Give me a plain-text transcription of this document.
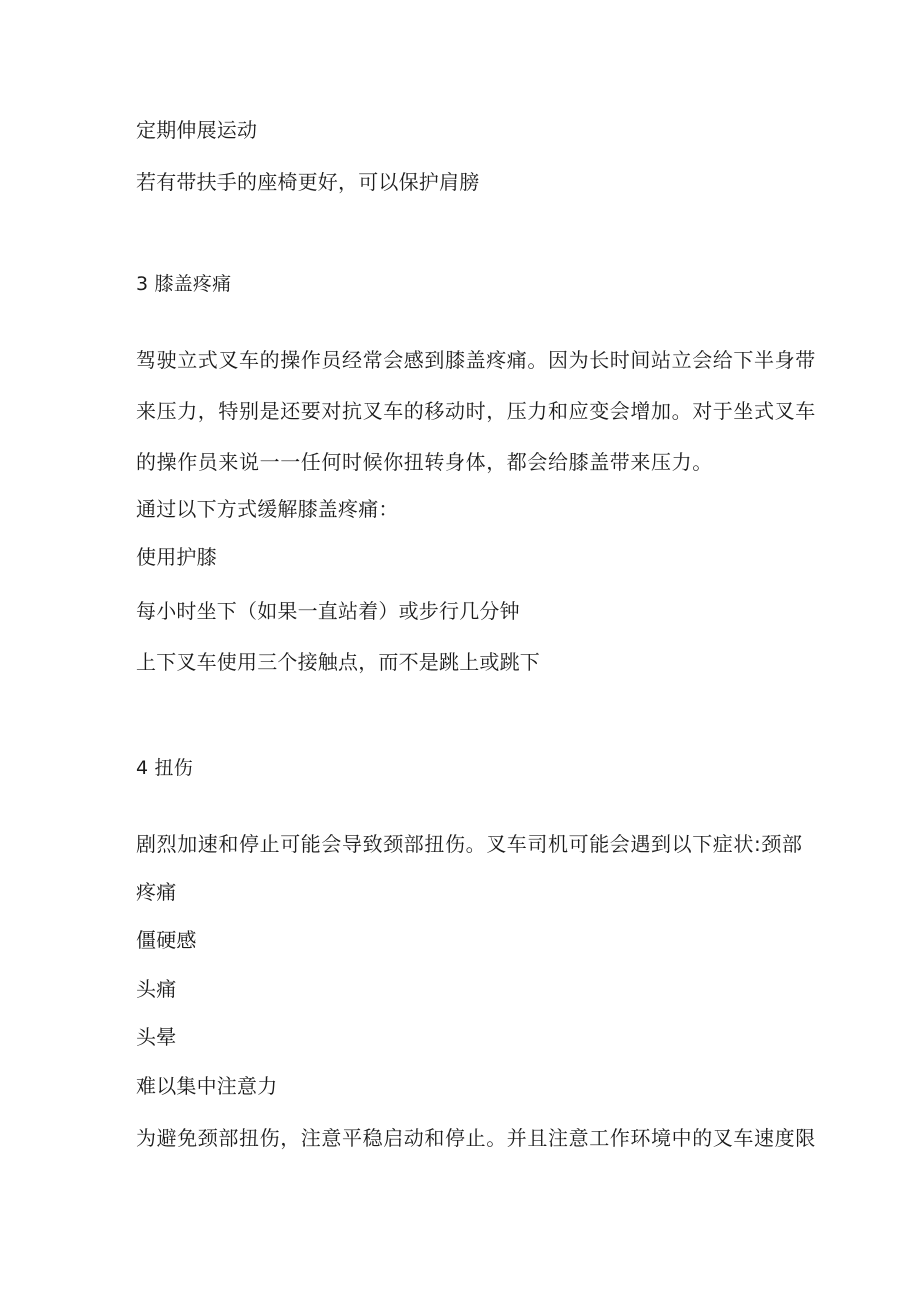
定期伸展运动
若有带扶手的座椅更好，可以保护肩膀
3 膝盖疼痛
驾驶立式叉车的操作员经常会感到膝盖疼痛。因为长时间站立会给下半身带
来压力，特别是还要对抗叉车的移动时，压力和应变会增加。对于坐式叉车
的操作员来说一一任何时候你扭转身体，都会给膝盖带来压力。
通过以下方式缓解膝盖疼痛：
使用护膝
每小时坐下（如果一直站着）或步行几分钟
上下叉车使用三个接触点，而不是跳上或跳下
4 扭伤
剧烈加速和停止可能会导致颈部扭伤。叉车司机可能会遇到以下症状:颈部
疼痛
僵硬感
头痛
头晕
难以集中注意力
为避免颈部扭伤，注意平稳启动和停止。并且注意工作环境中的叉车速度限
